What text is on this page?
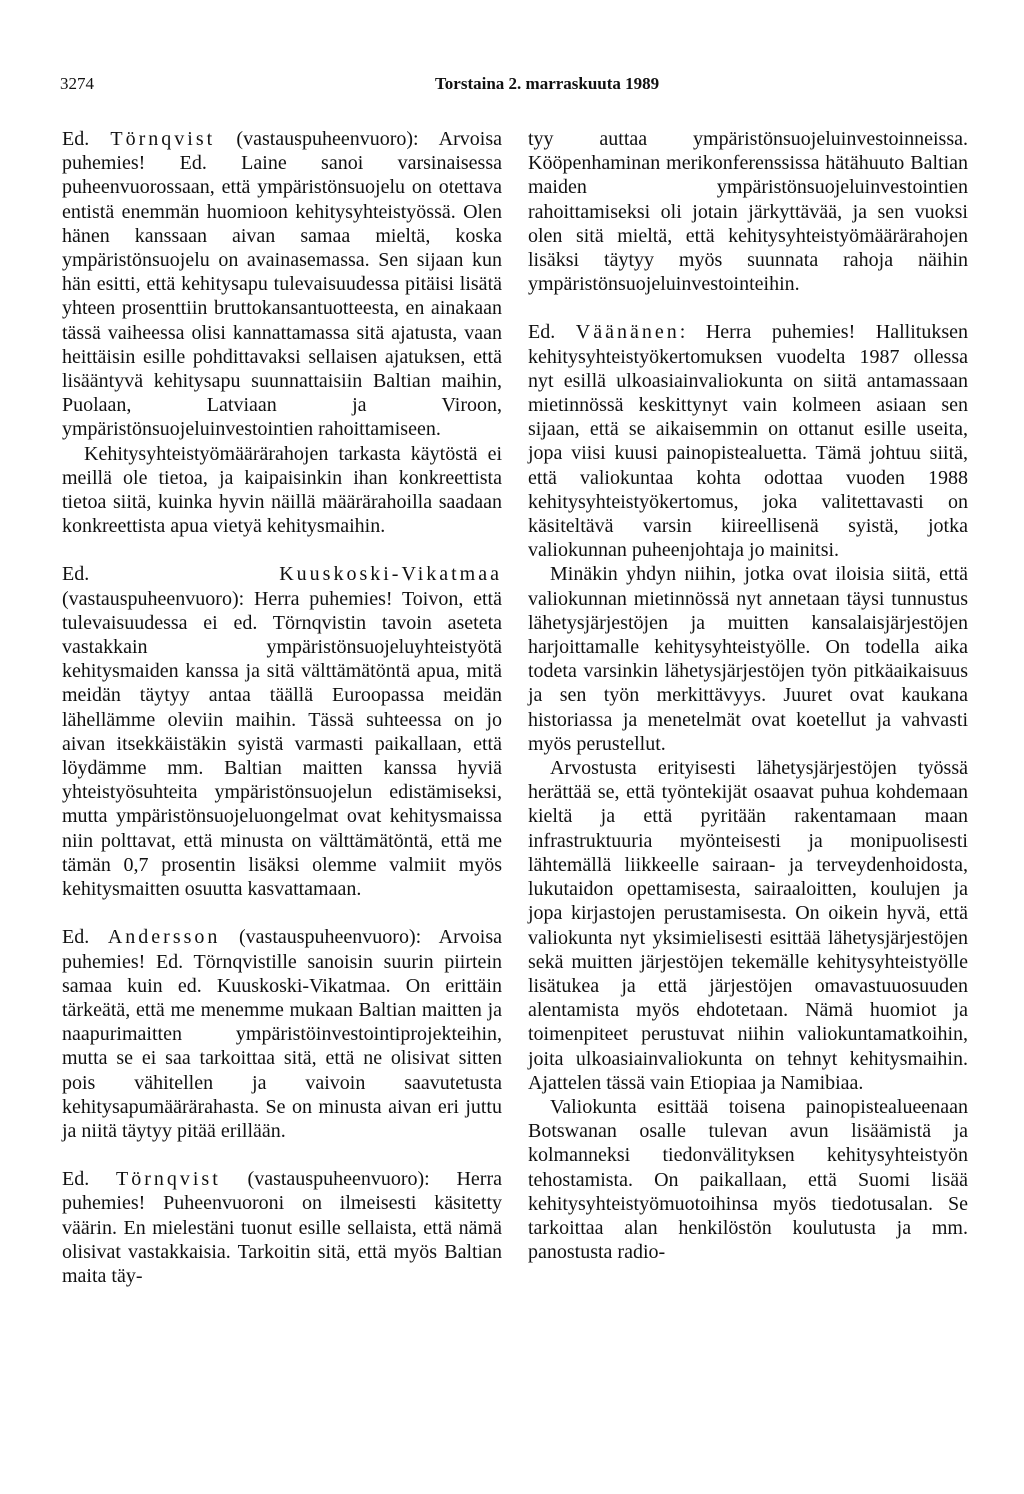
3274	Torstaina 2. marraskuuta 1989

Ed. Törnqvist (vastauspuheenvuoro): Arvoisa puhemies! Ed. Laine sanoi varsinaisessa puheenvuorossaan, että ympäristönsuojelu on otettava entistä enemmän huomioon kehitysyhteistyössä. Olen hänen kanssaan aivan samaa mieltä, koska ympäristönsuojelu on avainasemassa. Sen sijaan kun hän esitti, että kehitysapu tulevaisuudessa pitäisi lisätä yhteen prosenttiin bruttokansantuotteesta, en ainakaan tässä vaiheessa olisi kannattamassa sitä ajatusta, vaan heittäisin esille pohdittavaksi sellaisen ajatuksen, että lisääntyvä kehitysapu suunnattaisiin Baltian maihin, Puolaan, Latviaan ja Viroon, ympäristönsuojeluinvestointien rahoittamiseen.

Kehitysyhteistyömäärärahojen tarkasta käytöstä ei meillä ole tietoa, ja kaipaisinkin ihan konkreettista tietoa siitä, kuinka hyvin näillä määrärahoilla saadaan konkreettista apua vietyä kehitysmaihin.

Ed. Kuuskoski-Vikatmaa (vastauspuheenvuoro): Herra puhemies! Toivon, että tulevaisuudessa ei ed. Törnqvistin tavoin aseteta vastakkain ympäristönsuojeluyhteistyötä kehitysmaiden kanssa ja sitä välttämätöntä apua, mitä meidän täytyy antaa täällä Euroopassa meidän lähellämme oleviin maihin. Tässä suhteessa on jo aivan itsekkäistäkin syistä varmasti paikallaan, että löydämme mm. Baltian maitten kanssa hyviä yhteistyösuhteita ympäristönsuojelun edistämiseksi, mutta ympäristönsuojeluongelmat ovat kehitysmaissa niin polttavat, että minusta on välttämätöntä, että me tämän 0,7 prosentin lisäksi olemme valmiit myös kehitysmaitten osuutta kasvattamaan.

Ed. Andersson (vastauspuheenvuoro): Arvoisa puhemies! Ed. Törnqvistille sanoisin suurin piirtein samaa kuin ed. Kuuskoski-Vikatmaa. On erittäin tärkeätä, että me menemme mukaan Baltian maitten ja naapurimaitten ympäristöinvestointiprojekteihin, mutta se ei saa tarkoittaa sitä, että ne olisivat sitten pois vähitellen ja vaivoin saavutetusta kehitysapumäärärahasta. Se on minusta aivan eri juttu ja niitä täytyy pitää erillään.

Ed. Törnqvist (vastauspuheenvuoro): Herra puhemies! Puheenvuoroni on ilmeisesti käsitetty väärin. En mielestäni tuonut esille sellaista, että nämä olisivat vastakkaisia. Tarkoitin sitä, että myös Baltian maita täy-

tyy auttaa ympäristönsuojeluinvestoinneissa. Kööpenhaminan merikonferenssissa hätähuuto Baltian maiden ympäristönsuojeluinvestointien rahoittamiseksi oli jotain järkyttävää, ja sen vuoksi olen sitä mieltä, että kehitysyhteistyömäärärahojen lisäksi täytyy myös suunnata rahoja näihin ympäristönsuojeluinvestointeihin.

Ed. Väänänen: Herra puhemies! Hallituksen kehitysyhteistyökertomuksen vuodelta 1987 ollessa nyt esillä ulkoasiainvaliokunta on siitä antamassaan mietinnössä keskittynyt vain kolmeen asiaan sen sijaan, että se aikaisemmin on ottanut esille useita, jopa viisi kuusi painopistealuetta. Tämä johtuu siitä, että valiokuntaa kohta odottaa vuoden 1988 kehitysyhteistyökertomus, joka valitettavasti on käsiteltävä varsin kiireellisenä syistä, jotka valiokunnan puheenjohtaja jo mainitsi.

Minäkin yhdyn niihin, jotka ovat iloisia siitä, että valiokunnan mietinnössä nyt annetaan täysi tunnustus lähetysjärjestöjen ja muitten kansalaisjärjestöjen harjoittamalle kehitysyhteistyölle. On todella aika todeta varsinkin lähetysjärjestöjen työn pitkäaikaisuus ja sen työn merkittävyys. Juuret ovat kaukana historiassa ja menetelmät ovat koetellut ja vahvasti myös perustellut.

Arvostusta erityisesti lähetysjärjestöjen työssä herättää se, että työntekijät osaavat puhua kohdemaan kieltä ja että pyritään rakentamaan maan infrastruktuuria myönteisesti ja monipuolisesti lähtemällä liikkeelle sairaan- ja terveydenhoidosta, lukutaidon opettamisesta, sairaaloitten, koulujen ja jopa kirjastojen perustamisesta. On oikein hyvä, että valiokunta nyt yksimielisesti esittää lähetysjärjestöjen sekä muitten järjestöjen tekemälle kehitysyhteistyölle lisätukea ja että järjestöjen omavastuuosuuden alentamista myös ehdotetaan. Nämä huomiot ja toimenpiteet perustuvat niihin valiokuntamatkoihin, joita ulkoasiainvaliokunta on tehnyt kehitysmaihin. Ajattelen tässä vain Etiopiaa ja Namibiaa.

Valiokunta esittää toisena painopistealueenaan Botswanan osalle tulevan avun lisäämistä ja kolmanneksi tiedonvälityksen kehitysyhteistyön tehostamista. On paikallaan, että Suomi lisää kehitysyhteistyömuotoihinsa myös tiedotusalan. Se tarkoittaa alan henkilöstön koulutusta ja mm. panostusta radio-
